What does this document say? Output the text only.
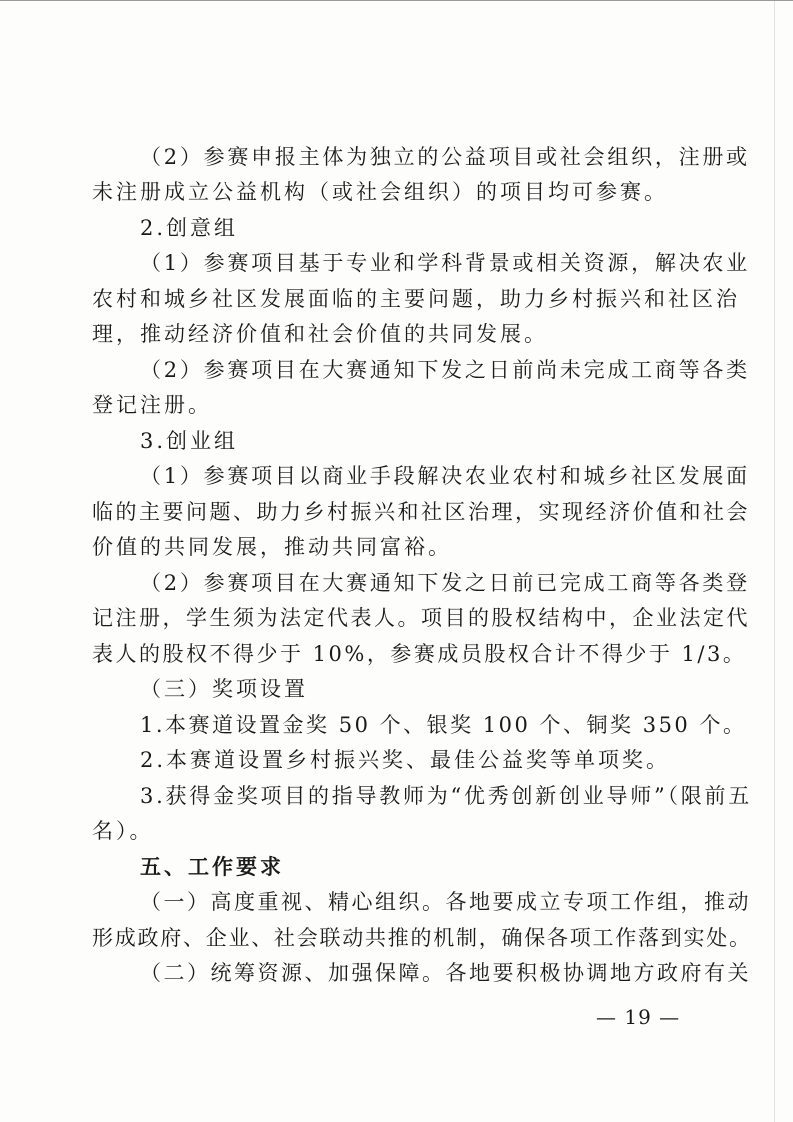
（2）参赛申报主体为独立的公益项目或社会组织，注册或
未注册成立公益机构（或社会组织）的项目均可参赛。
2.创意组
（1）参赛项目基于专业和学科背景或相关资源，解决农业
农村和城乡社区发展面临的主要问题，助力乡村振兴和社区治
理，推动经济价值和社会价值的共同发展。
（2）参赛项目在大赛通知下发之日前尚未完成工商等各类
登记注册。
3.创业组
（1）参赛项目以商业手段解决农业农村和城乡社区发展面
临的主要问题、助力乡村振兴和社区治理，实现经济价值和社会
价值的共同发展，推动共同富裕。
（2）参赛项目在大赛通知下发之日前已完成工商等各类登
记注册，学生须为法定代表人。项目的股权结构中，企业法定代
表人的股权不得少于 10%，参赛成员股权合计不得少于 1/3。
（三）奖项设置
1.本赛道设置金奖 50 个、银奖 100 个、铜奖 350 个。
2.本赛道设置乡村振兴奖、最佳公益奖等单项奖。
3.获得金奖项目的指导教师为“优秀创新创业导师”（限前五
名）。
五、工作要求
（一）高度重视、精心组织。各地要成立专项工作组，推动
形成政府、企业、社会联动共推的机制，确保各项工作落到实处。
（二）统筹资源、加强保障。各地要积极协调地方政府有关
— 19 —
